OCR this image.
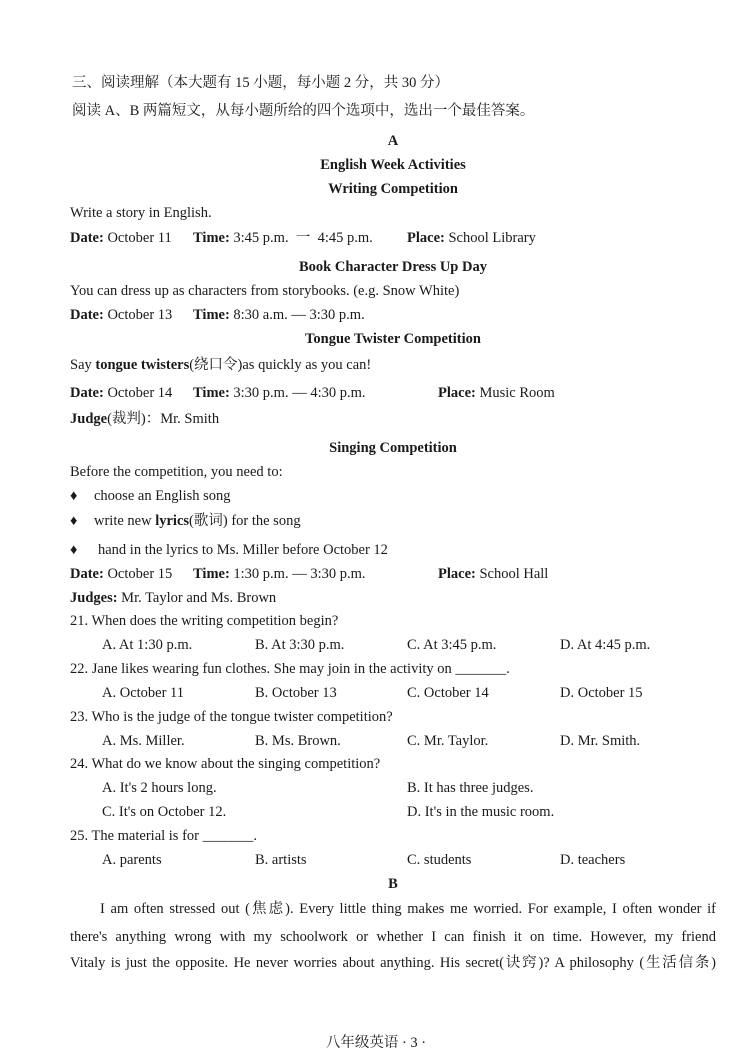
三、阅读理解（本大题有 15 小题，每小题 2 分，共 30 分）
阅读 A、B 两篇短文，从每小题所给的四个选项中，选出一个最佳答案。
A
English Week Activities
Writing Competition
Write a story in English.
Date: October 11 Time: 3:45 p.m.  一  4:45 p.m. Place: School Library
Book Character Dress Up Day
You can dress up as characters from storybooks. (e.g. Snow White)
Date: October 13 Time: 8:30 a.m. — 3:30 p.m.
Tongue Twister Competition
Say tongue twisters(绕口令)as quickly as you can!
Date: October 14 Time: 3:30 p.m. — 4:30 p.m.	Place: Music Room
Judge(裁判)：Mr. Smith
Singing Competition
Before the competition, you need to:
♦ choose an English song
♦ write new lyrics(歌词) for the song
♦ hand in the lyrics to Ms. Miller before October 12
Date: October 15 Time: 1:30 p.m. — 3:30 p.m.	Place: School Hall
Judges: Mr. Taylor and Ms. Brown
21. When does the writing competition begin?
A. At 1:30 p.m.	B. At 3:30 p.m.	C. At 3:45 p.m.	D. At 4:45 p.m.
22. Jane likes wearing fun clothes. She may join in the activity on _______.
A. October 11	B. October 13	C. October 14	D. October 15
23. Who is the judge of the tongue twister competition?
A. Ms. Miller.	B. Ms. Brown.	C. Mr. Taylor.	D. Mr. Smith.
24. What do we know about the singing competition?
A. It's 2 hours long.	B. It has three judges.
C. It's on October 12.	D. It's in the music room.
25. The material is for _______.
A. parents	B. artists	C. students	D. teachers
B
I am often stressed out (焦虑). Every little thing makes me worried. For example, I often wonder if
there's anything wrong with my schoolwork or whether I can finish it on time. However, my friend
Vitaly is just the opposite. He never worries about anything. His secret(诀窍)? A philosophy (生活信条)
八年级英语 · 3 ·
